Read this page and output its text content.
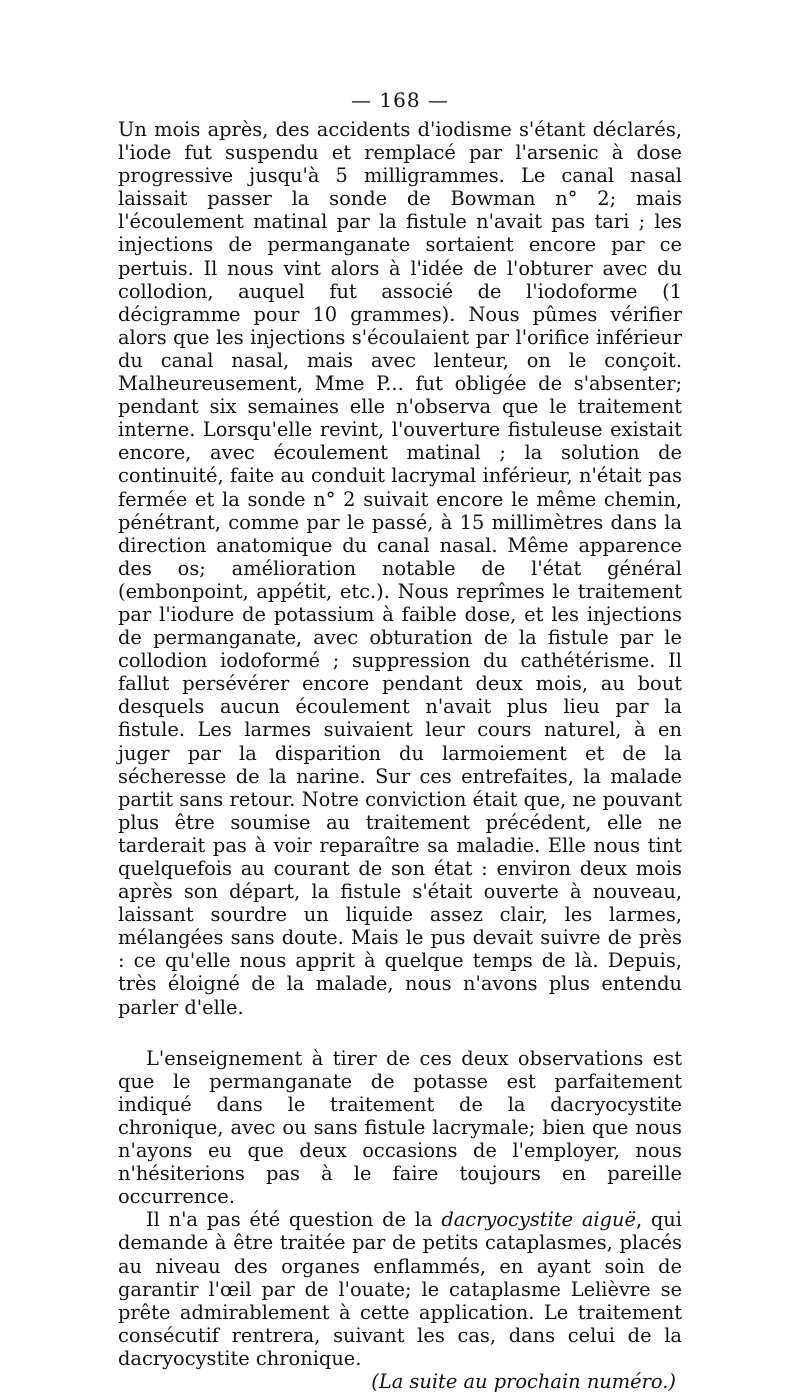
— 168 —

Un mois après, des accidents d'iodisme s'étant déclarés, l'iode fut suspendu et remplacé par l'arsenic à dose progressive jusqu'à 5 milligrammes. Le canal nasal laissait passer la sonde de Bowman n° 2; mais l'écoulement matinal par la fistule n'avait pas tari ; les injections de permanganate sortaient encore par ce pertuis. Il nous vint alors à l'idée de l'obturer avec du collodion, auquel fut associé de l'iodoforme (1 décigramme pour 10 grammes). Nous pûmes vérifier alors que les injections s'écoulaient par l'orifice inférieur du canal nasal, mais avec lenteur, on le conçoit. Malheureusement, Mme P... fut obligée de s'absenter; pendant six semaines elle n'observa que le traitement interne. Lorsqu'elle revint, l'ouverture fistuleuse existait encore, avec écoulement matinal ; la solution de continuité, faite au conduit lacrymal inférieur, n'était pas fermée et la sonde n° 2 suivait encore le même chemin, pénétrant, comme par le passé, à 15 millimètres dans la direction anatomique du canal nasal. Même apparence des os; amélioration notable de l'état général (embonpoint, appétit, etc.). Nous reprîmes le traitement par l'iodure de potassium à faible dose, et les injections de permanganate, avec obturation de la fistule par le collodion iodoformé ; suppression du cathétérisme. Il fallut persévérer encore pendant deux mois, au bout desquels aucun écoulement n'avait plus lieu par la fistule. Les larmes suivaient leur cours naturel, à en juger par la disparition du larmoiement et de la sécheresse de la narine. Sur ces entrefaites, la malade partit sans retour. Notre conviction était que, ne pouvant plus être soumise au traitement précédent, elle ne tarderait pas à voir reparaître sa maladie. Elle nous tint quelquefois au courant de son état : environ deux mois après son départ, la fistule s'était ouverte à nouveau, laissant sourdre un liquide assez clair, les larmes, mélangées sans doute. Mais le pus devait suivre de près : ce qu'elle nous apprit à quelque temps de là. Depuis, très éloigné de la malade, nous n'avons plus entendu parler d'elle.

L'enseignement à tirer de ces deux observations est que le permanganate de potasse est parfaitement indiqué dans le traitement de la dacryocystite chronique, avec ou sans fistule lacrymale; bien que nous n'ayons eu que deux occasions de l'employer, nous n'hésiterions pas à le faire toujours en pareille occurrence.

Il n'a pas été question de la dacryocystite aiguë, qui demande à être traitée par de petits cataplasmes, placés au niveau des organes enflammés, en ayant soin de garantir l'œil par de l'ouate; le cataplasme Lelièvre se prête admirablement à cette application. Le traitement consécutif rentrera, suivant les cas, dans celui de la dacryocystite chronique.

(La suite au prochain numéro.)
